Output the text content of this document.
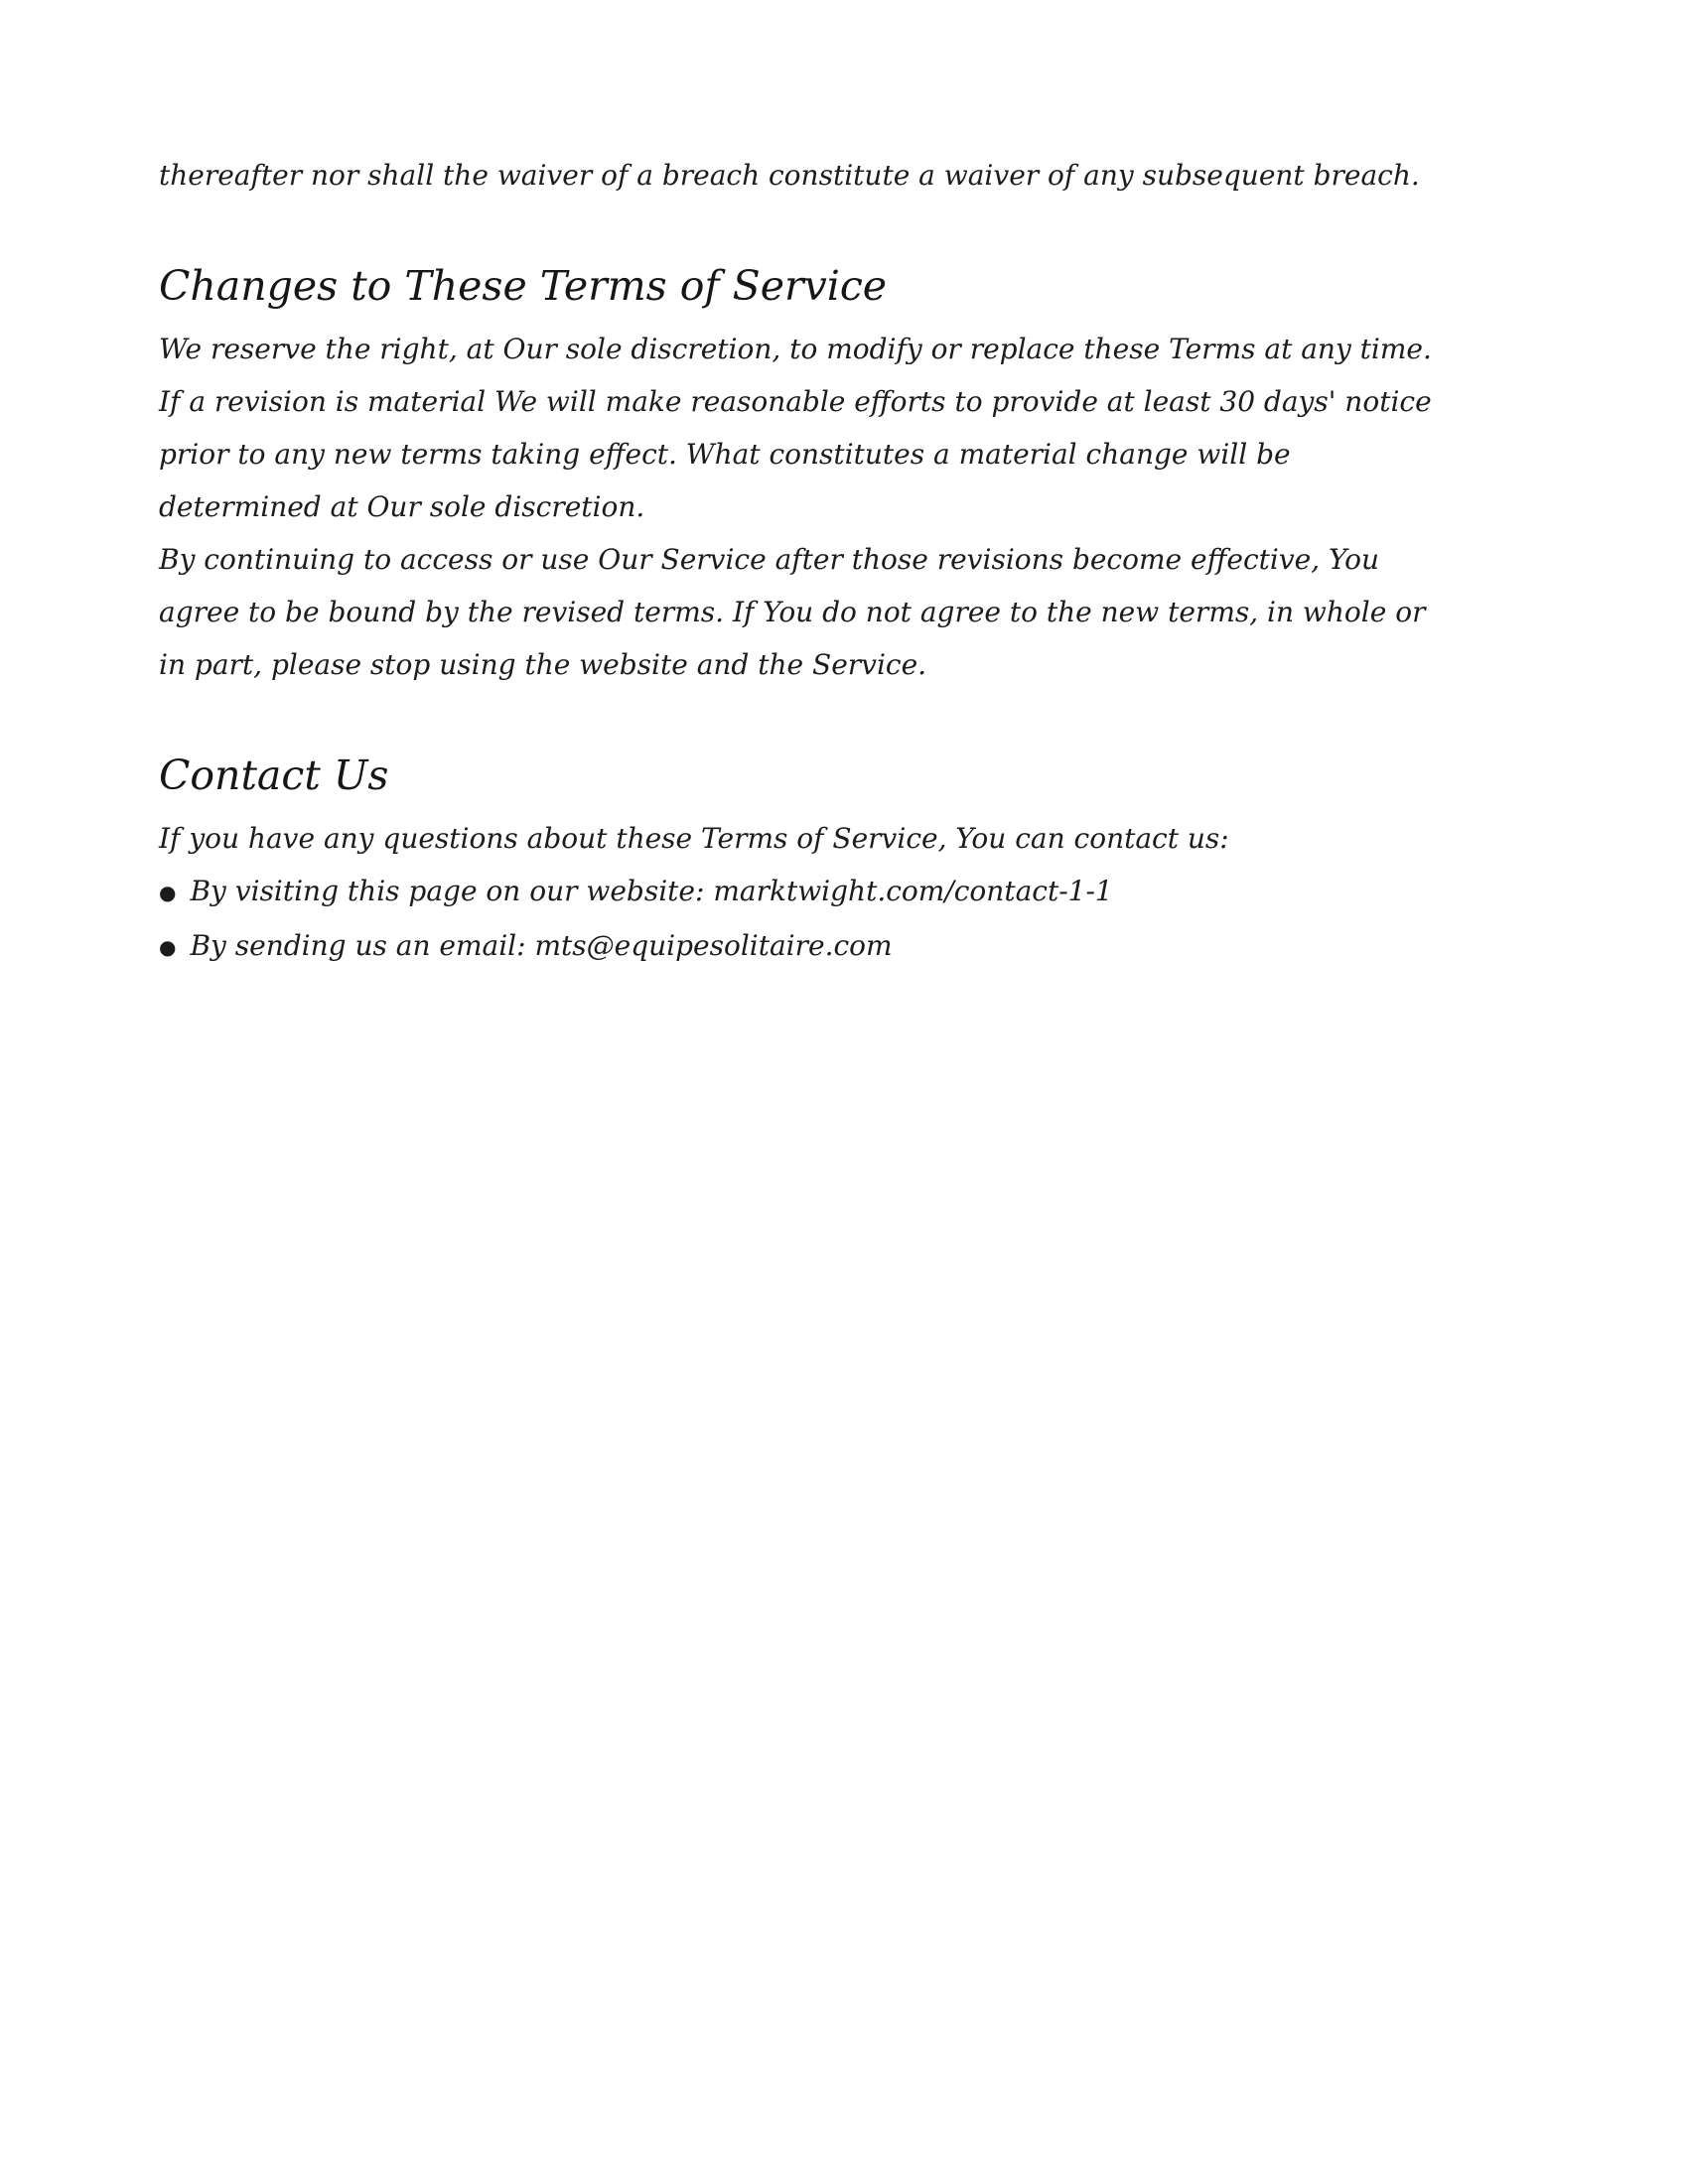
thereafter nor shall the waiver of a breach constitute a waiver of any subsequent breach.

Changes to These Terms of Service

We reserve the right, at Our sole discretion, to modify or replace these Terms at any time. If a revision is material We will make reasonable efforts to provide at least 30 days' notice prior to any new terms taking effect. What constitutes a material change will be determined at Our sole discretion.

By continuing to access or use Our Service after those revisions become effective, You agree to be bound by the revised terms. If You do not agree to the new terms, in whole or in part, please stop using the website and the Service.

Contact Us

If you have any questions about these Terms of Service, You can contact us:

● By visiting this page on our website: marktwight.com/contact-1-1
● By sending us an email: mts@equipesolitaire.com
